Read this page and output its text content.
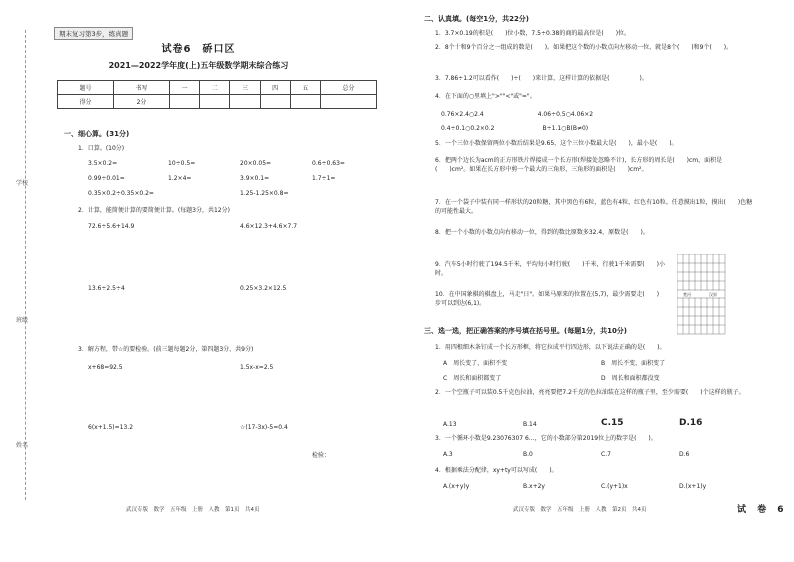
学校
班级
姓名
期末复习第3步，练真题
试卷6　硚口区
2021—2022学年度(上)五年级数学期末综合练习
题号	书写	一	二	三	四	五	总分
得分	2分						
一、细心算。(31分)
1．口算。(10分)
3.5×0.2=	10÷0.5=	20×0.05=	0.6÷0.63=
0.99÷0.01=	1.2×4=	3.9×0.1=	1.7÷1=
0.35×0.2÷0.35×0.2=	1.25-1.25×0.8=
2．计算，能简便计算的要简便计算。(每题3分，共12分)
72.6÷5.6+14.9	4.6×12.3+4.6×7.7
13.6÷2.5÷4	0.25×3.2×12.5
3．解方程，带☆的要检验。(前三题每题2分，第四题3分，共9分)
x+68=92.5	1.5x-x=2.5
6(x+1.5)=13.2	☆(17-3x)-5=0.4
检验：
武汉专版　数学　五年级　上册　人教　第1页　共4页
二、认真填。(每空1分，共22分)
1．3.7×0.19的积是(　　)位小数，7.5÷0.38的商的最高位是(　　)位。
2．8个十和9个百分之一组成的数是(　　)。如果把这个数的小数点向左移动一位，就是8个(　　)和9个(　　)。
3．7.86÷1.2可以看作(　　)÷(　　)来计算，这样计算的依据是(　　　　　)。
4．在下面的○里填上">""<"或"="。
　0.76×2.4○2.4　　　　　　　　　4.06÷0.5○4.06×2
　0.4÷0.1○0.2×0.2　　　　　　　　B÷1.1○B(B≠0)
5．一个三位小数保留两位小数后结果是9.65，这个三位小数最大是(　　)，最小是(　　)。
6．把两个边长为acm的正方形铁片焊接成一个长方形(焊接处忽略不计)，长方形的周长是(　　)cm，面积是(　　)cm²。如果在长方形中剪一个最大的三角形，三角形的面积是(　　)cm²。
7．在一个袋子中装有同一样形状的20粒糖，其中黑色有6粒，蓝色有4粒，红色有10粒。任意摸出1粒，摸出(　　)色糖的可能性最大。
8．把一个小数的小数点向右移动一位，得到的数比原数多32.4，原数是(　　)。
9．汽车5小时行驶了194.5千米，平均每小时行驶(　　)千米，行驶1千米需要(　　)小时。
10．在中国象棋的棋盘上，马走"日"。如果马原来的位置在(5,7)，最少需要走(　　)步可以到达(6,1)。
三、选一选，把正确答案的序号填在括号里。(每题1分，共10分)
1．用四根细木条钉成一个长方形框，将它拉成平行四边形，以下说法正确的是(　　)。
A　周长变了，面积不变	B　周长不变，面积变了
C　周长和面积都变了	D　周长和面积都没变
2．一个空瓶子可以装0.5千克色拉油，亮亮要把7.2千克的色拉油装在这样的瓶子里，至少需要(　　)个这样的瓶子。
A.13	B.14	C.15	D.16
3．一个循环小数是9.23076307 6…，它的小数部分第2019位上的数字是(　　)。
A.3	B.0	C.7	D.6
4．根据乘法分配律，xy+ty可以写成(　　)。
A.(x+y)y	B.x+2y	C.(y+1)x	D.(x+1)y
武汉专版　数学　五年级　上册　人教　第2页　共4页	试 卷 6
楚河	汉界
